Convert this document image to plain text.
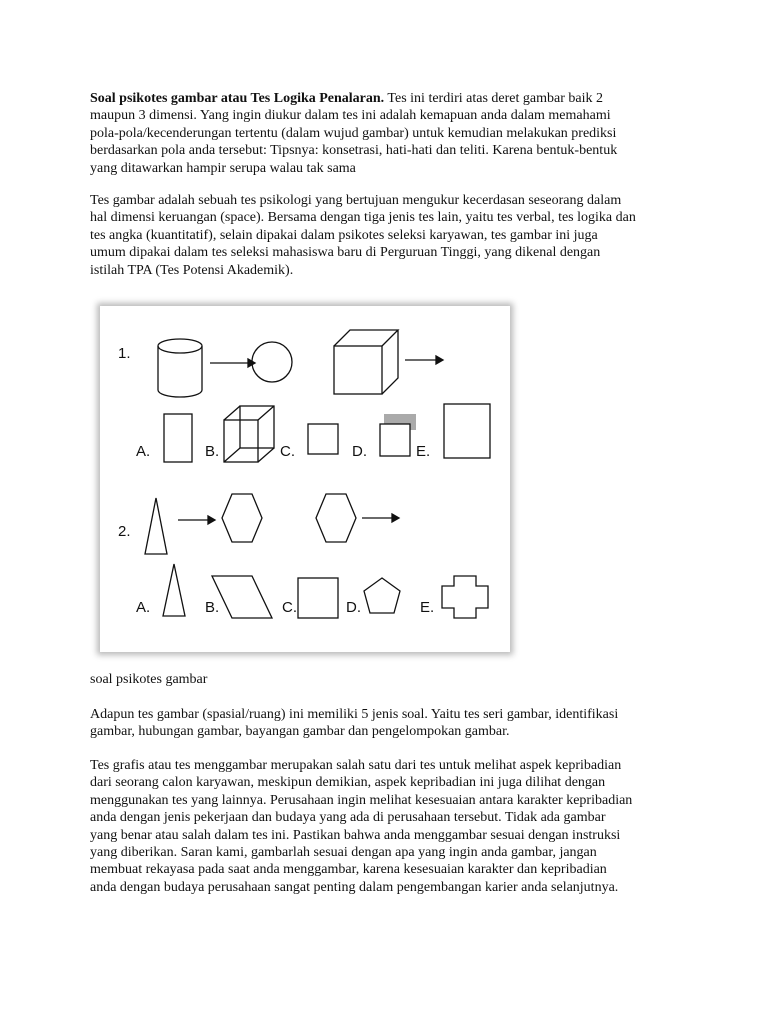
Soal psikotes gambar atau Tes Logika Penalaran. Tes ini terdiri atas deret gambar baik 2
maupun 3 dimensi. Yang ingin diukur dalam tes ini adalah kemapuan anda dalam memahami
pola-pola/kecenderungan tertentu (dalam wujud gambar) untuk kemudian melakukan prediksi
berdasarkan pola anda tersebut: Tipsnya: konsetrasi, hati-hati dan teliti. Karena bentuk-bentuk
yang ditawarkan hampir serupa walau tak sama

Tes gambar adalah sebuah tes psikologi yang bertujuan mengukur kecerdasan seseorang dalam
hal dimensi keruangan (space). Bersama dengan tiga jenis tes lain, yaitu tes verbal, tes logika dan
tes angka (kuantitatif), selain dipakai dalam psikotes seleksi karyawan, tes gambar ini juga
umum dipakai dalam tes seleksi mahasiswa baru di Perguruan Tinggi, yang dikenal dengan
istilah TPA (Tes Potensi Akademik).

1.
A.	B.	C.	D.	E.
2.
A.	B.	C.	D.	E.

soal psikotes gambar

Adapun tes gambar (spasial/ruang) ini memiliki 5 jenis soal. Yaitu tes seri gambar, identifikasi
gambar, hubungan gambar, bayangan gambar dan pengelompokan gambar.

Tes grafis atau tes menggambar merupakan salah satu dari tes untuk melihat aspek kepribadian
dari seorang calon karyawan, meskipun demikian, aspek kepribadian ini juga dilihat dengan
menggunakan tes yang lainnya. Perusahaan ingin melihat kesesuaian antara karakter kepribadian
anda dengan jenis pekerjaan dan budaya yang ada di perusahaan tersebut. Tidak ada gambar
yang benar atau salah dalam tes ini. Pastikan bahwa anda menggambar sesuai dengan instruksi
yang diberikan. Saran kami, gambarlah sesuai dengan apa yang ingin anda gambar, jangan
membuat rekayasa pada saat anda menggambar, karena kesesuaian karakter dan kepribadian
anda dengan budaya perusahaan sangat penting dalam pengembangan karier anda selanjutnya.
